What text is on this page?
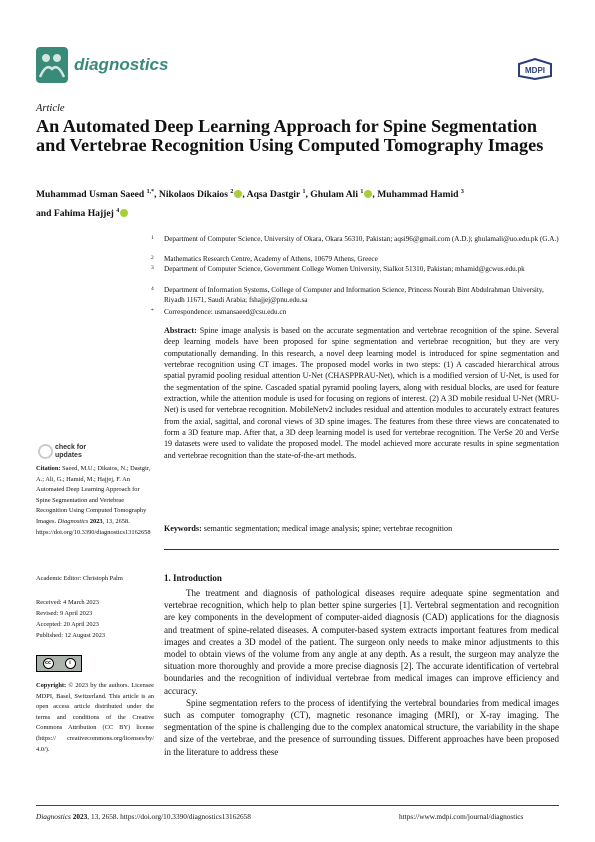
diagnostics	MDPI
Article
An Automated Deep Learning Approach for Spine Segmentation and Vertebrae Recognition Using Computed Tomography Images
Muhammad Usman Saeed $^{1,*}$, Nikolaos Dikaios $^2$ , Aqsa Dastgir $^1$, Ghulam Ali $^1$ , Muhammad Hamid $^3$
and Fahima Hajjej $^4$
1 Department of Computer Science, University of Okara, Okara 56310, Pakistan; aqsi96@gmail.com (A.D.); ghulamali@uo.edu.pk (G.A.)
2 Mathematics Research Centre, Academy of Athens, 10679 Athens, Greece
3 Department of Computer Science, Government College Women University, Sialkot 51310, Pakistan; mhamid@gcwus.edu.pk
4 Department of Information Systems, College of Computer and Information Science, Princess Nourah Bint Abdulrahman University, Riyadh 11671, Saudi Arabia; fshajjej@pnu.edu.sa
* Correspondence: usmansaeed@csu.edu.cn
Abstract: Spine image analysis is based on the accurate segmentation and vertebrae recognition of the spine. Several deep learning models have been proposed for spine segmentation and vertebrae recognition, but they are very computationally demanding. In this research, a novel deep learning model is introduced for spine segmentation and vertebrae recognition using CT images. The proposed model works in two steps: (1) A cascaded hierarchical atrous spatial pyramid pooling residual attention U-Net (CHASPPRAU-Net), which is a modified version of U-Net, is used for the segmentation of the spine. Cascaded spatial pyramid pooling layers, along with residual blocks, are used for feature extraction, while the attention module is used for focusing on regions of interest. (2) A 3D mobile residual U-Net (MRU-Net) is used for vertebrae recognition. MobileNetv2 includes residual and attention modules to accurately extract features from the axial, sagittal, and coronal views of 3D spine images. The features from these three views are concatenated to form a 3D feature map. After that, a 3D deep learning model is used for vertebrae recognition. The VerSe 20 and VerSe 19 datasets were used to validate the proposed model. The model achieved more accurate results in spine segmentation and vertebrae recognition than the state-of-the-art methods.
Keywords: semantic segmentation; medical image analysis; spine; vertebrae recognition
1. Introduction

The treatment and diagnosis of pathological diseases require adequate spine segmentation and vertebrae recognition, which help to plan better spine surgeries [1]. Vertebral segmentation and recognition are key components in the development of computer-aided diagnosis (CAD) applications for the diagnosis and treatment of spine-related diseases. A computer-based system extracts important features from medical images and creates a 3D model of the patient. The surgeon only needs to make minor adjustments to this model to obtain views of the volume from any angle at any depth. As a result, the surgeon may analyze the situation more thoroughly and provide a more precise diagnosis [2]. The accurate identification of vertebral boundaries and the recognition of individual vertebrae from medical images can improve efficiency and accuracy.

Spine segmentation refers to the process of identifying the vertebral boundaries from medical images such as computer tomography (CT), magnetic resonance imaging (MRI), or X-ray imaging. The segmentation of the spine is challenging due to the complex anatomical structure, the variability in the shape and size of the vertebrae, and the presence of surrounding tissues. Different approaches have been proposed in the literature to address these

check for
updates
Citation: Saeed, M.U.; Dikaios, N.; Dastgir, A.; Ali, G.; Hamid, M.; Hajjej, F. An Automated Deep Learning Approach for Spine Segmentation and Vertebrae Recognition Using Computed Tomography Images. Diagnostics 2023, 13, 2658. https://doi.org/10.3390/diagnostics13162658
Academic Editor: Christoph Palm
Received: 4 March 2023
Revised: 9 April 2023
Accepted: 20 April 2023
Published: 12 August 2023
cc	i
Copyright: © 2023 by the authors. Licensee MDPI, Basel, Switzerland. This article is an open access article distributed under the terms and conditions of the Creative Commons Attribution (CC BY) license (https:// creativecommons.org/licenses/by/ 4.0/).
Diagnostics 2023, 13, 2658. https://doi.org/10.3390/diagnostics13162658	https://www.mdpi.com/journal/diagnostics
